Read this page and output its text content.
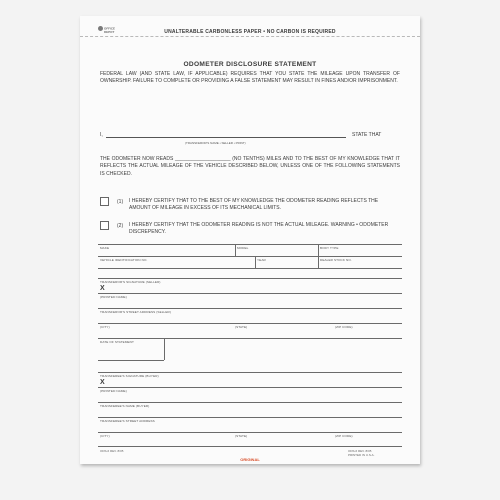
OFFICE
DEPOT	UNALTERABLE CARBONLESS PAPER • NO CARBON IS REQUIRED
ODOMETER DISCLOSURE STATEMENT
FEDERAL LAW (AND STATE LAW, IF APPLICABLE) REQUIRES THAT YOU STATE THE MILEAGE UPON TRANSFER OF OWNERSHIP. FAILURE TO COMPLETE OR PROVIDING A FALSE STATEMENT MAY RESULT IN FINES AND/OR IMPRISONMENT.
I,	STATE THAT
(TRANSFEROR'S NAME • SELLER • PRINT)
THE ODOMETER NOW READS ____________________ (NO TENTHS) MILES AND TO THE BEST OF MY KNOWLEDGE THAT IT REFLECTS THE ACTUAL MILEAGE OF THE VEHICLE DESCRIBED BELOW, UNLESS ONE OF THE FOLLOWING STATEMENTS IS CHECKED.
(1) I HEREBY CERTIFY THAT TO THE BEST OF MY KNOWLEDGE THE ODOMETER READING REFLECTS THE AMOUNT OF MILEAGE IN EXCESS OF ITS MECHANICAL LIMITS.
(2) I HEREBY CERTIFY THAT THE ODOMETER READING IS NOT THE ACTUAL MILEAGE. WARNING • ODOMETER DISCREPENCY.
MAKE	MODEL	BODY TYPE
VEHICLE IDENTIFICATION NO.	YEAR	DEALER STOCK NO.
TRANSFEROR'S SIGNATURE (SELLER)
X
(PRINTED NAME)
TRANSFEROR'S STREET ADDRESS (SELLER)
(CITY)	(STATE)	(ZIP CODE)
DATE OF STATEMENT
TRANSFEREE'S SIGNATURE (BUYER)
X
(PRINTED NAME)
TRANSFEREE'S NAME (BUYER)
TRANSFEREE'S STREET ADDRESS
(CITY)	(STATE)	(ZIP CODE)
ODS-6 REV. 8/05
ORIGINAL
ODS-6 REV. 8/05
PRINTED IN U.S.A.
